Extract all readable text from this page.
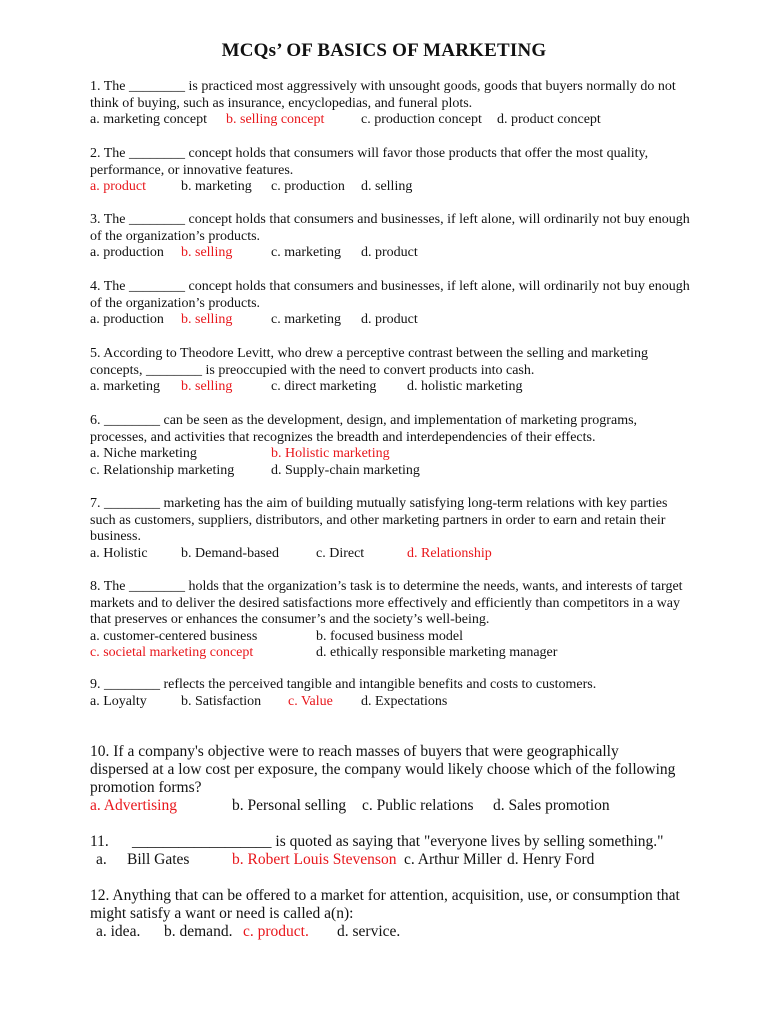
MCQs’ OF BASICS OF MARKETING
1. The ________ is practiced most aggressively with unsought goods, goods that buyers normally do not think of buying, such as insurance, encyclopedias, and funeral plots.
a. marketing concept b. selling concept	c. production concept d. product concept
2. The ________ concept holds that consumers will favor those products that offer the most quality, performance, or innovative features.
a. product	b. marketing c. production d. selling
3. The ________ concept holds that consumers and businesses, if left alone, will ordinarily not buy enough of the organization’s products.
a. production b. selling	c. marketing d. product
4. The ________ concept holds that consumers and businesses, if left alone, will ordinarily not buy enough of the organization’s products.
a. production b. selling	c. marketing d. product
5. According to Theodore Levitt, who drew a perceptive contrast between the selling and marketing concepts, ________ is preoccupied with the need to convert products into cash.
a. marketing b. selling	c. direct marketing d. holistic marketing
6. ________ can be seen as the development, design, and implementation of marketing programs, processes, and activities that recognizes the breadth and interdependencies of their effects.
a. Niche marketing	b. Holistic marketing
c. Relationship marketing	d. Supply-chain marketing
7. ________ marketing has the aim of building mutually satisfying long-term relations with key parties such as customers, suppliers, distributors, and other marketing partners in order to earn and retain their business.
a. Holistic b. Demand-based	c. Direct	d. Relationship
8. The ________ holds that the organization’s task is to determine the needs, wants, and interests of target markets and to deliver the desired satisfactions more effectively and efficiently than competitors in a way that preserves or enhances the consumer’s and the society’s well-being.
a. customer-centered business	b. focused business model
c. societal marketing concept	d. ethically responsible marketing manager
9. ________ reflects the perceived tangible and intangible benefits and costs to customers.
a. Loyalty b. Satisfaction c. Value d. Expectations
10. If a company's objective were to reach masses of buyers that were geographically dispersed at a low cost per exposure, the company would likely choose which of the following promotion forms?
a. Advertising	b. Personal selling c. Public relations d. Sales promotion
11.      __________________ is quoted as saying that "everyone lives by selling something."
a. Bill Gates	b. Robert Louis Stevenson c. Arthur Miller d. Henry Ford
12. Anything that can be offered to a market for attention, acquisition, use, or consumption that might satisfy a want or need is called a(n):
a. idea. b. demand. c. product. d. service.
